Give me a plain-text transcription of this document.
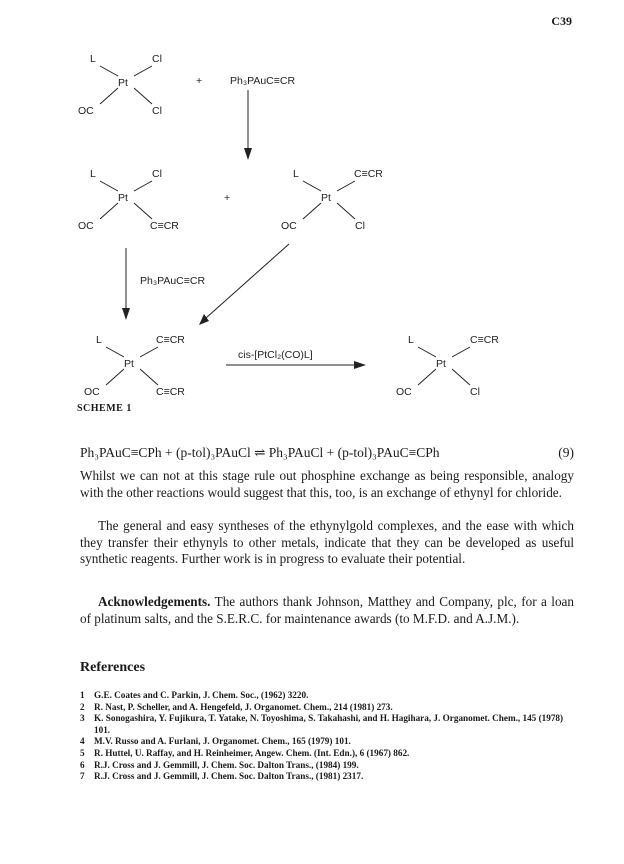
C39
L	Cl
Pt
OC	Cl
+	Ph₃PAuC≡CR
L	Cl
Pt
OC	C≡CR
+
L	C≡CR
Pt
OC	Cl
Ph₃PAuC≡CR
L	C≡CR
Pt
OC	C≡CR
cis-[PtCl₂(CO)L]
L	C≡CR
Pt
OC	Cl
SCHEME 1
Ph₃PAuC≡CPh + (p-tol)₃PAuCl ⇌ Ph₃PAuCl + (p-tol)₃PAuC≡CPh	(9)
Whilst we can not at this stage rule out phosphine exchange as being responsible, analogy with the other reactions would suggest that this, too, is an exchange of ethynyl for chloride.
The general and easy syntheses of the ethynylgold complexes, and the ease with which they transfer their ethynyls to other metals, indicate that they can be developed as useful synthetic reagents. Further work is in progress to evaluate their potential.
Acknowledgements. The authors thank Johnson, Matthey and Company, plc, for a loan of platinum salts, and the S.E.R.C. for maintenance awards (to M.F.D. and A.J.M.).
References
1	G.E. Coates and C. Parkin, J. Chem. Soc., (1962) 3220.
2	R. Nast, P. Scheller, and A. Hengefeld, J. Organomet. Chem., 214 (1981) 273.
3	K. Sonogashira, Y. Fujikura, T. Yatake, N. Toyoshima, S. Takahashi, and H. Hagihara, J. Organomet. Chem., 145 (1978) 101.
4	M.V. Russo and A. Furlani, J. Organomet. Chem., 165 (1979) 101.
5	R. Huttel, U. Raffay, and H. Reinheimer, Angew. Chem. (Int. Edn.), 6 (1967) 862.
6	R.J. Cross and J. Gemmill, J. Chem. Soc. Dalton Trans., (1984) 199.
7	R.J. Cross and J. Gemmill, J. Chem. Soc. Dalton Trans., (1981) 2317.
